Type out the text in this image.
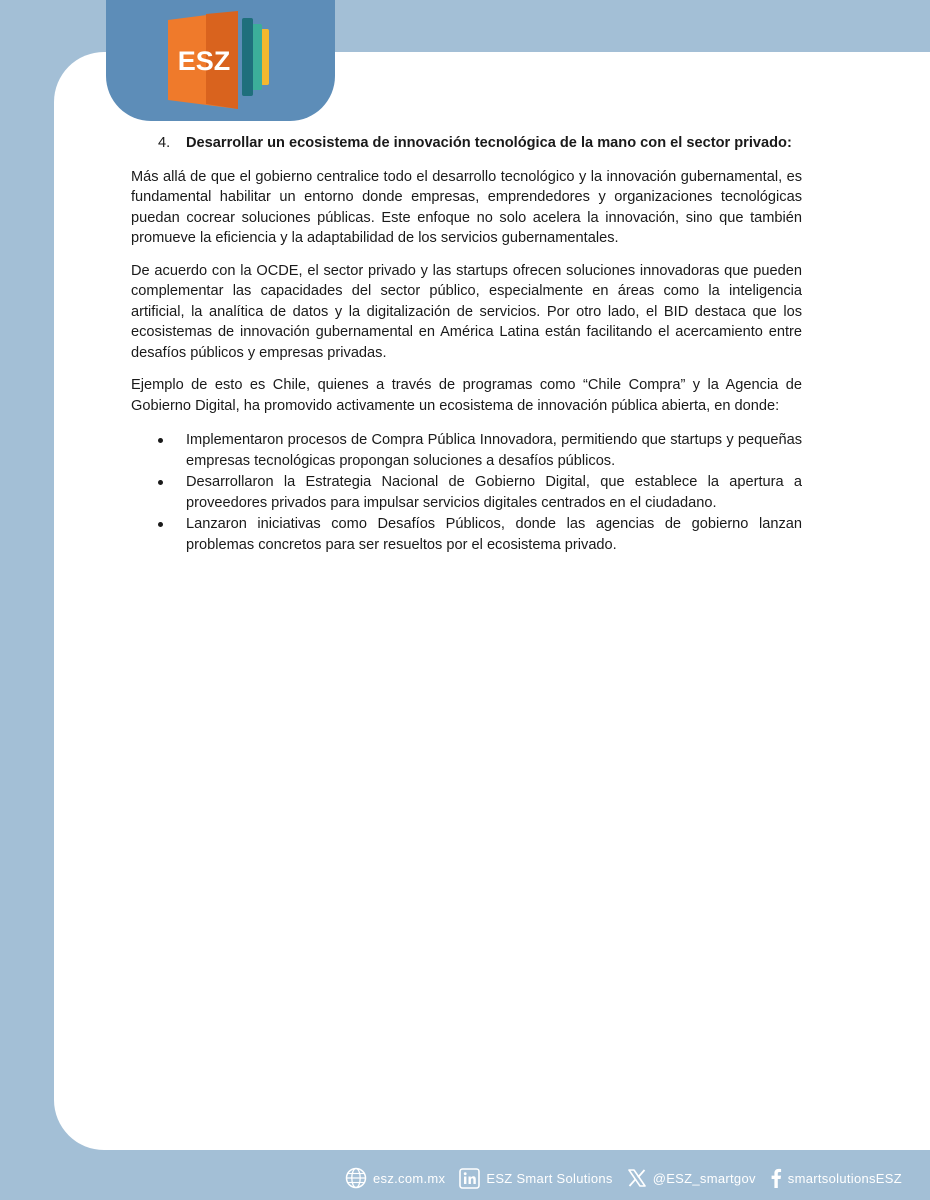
ESZ
4.	Desarrollar un ecosistema de innovación tecnológica de la mano con el sector privado:

Más allá de que el gobierno centralice todo el desarrollo tecnológico y la innovación gubernamental, es fundamental habilitar un entorno donde empresas, emprendedores y organizaciones tecnológicas puedan cocrear soluciones públicas. Este enfoque no solo acelera la innovación, sino que también promueve la eficiencia y la adaptabilidad de los servicios gubernamentales.

De acuerdo con la OCDE, el sector privado y las startups ofrecen soluciones innovadoras que pueden complementar las capacidades del sector público, especialmente en áreas como la inteligencia artificial, la analítica de datos y la digitalización de servicios. Por otro lado, el BID destaca que los ecosistemas de innovación gubernamental en América Latina están facilitando el acercamiento entre desafíos públicos y empresas privadas.

Ejemplo de esto es Chile, quienes a través de programas como “Chile Compra” y la Agencia de Gobierno Digital, ha promovido activamente un ecosistema de innovación pública abierta, en donde:

Implementaron procesos de Compra Pública Innovadora, permitiendo que startups y pequeñas empresas tecnológicas propongan soluciones a desafíos públicos.
Desarrollaron la Estrategia Nacional de Gobierno Digital, que establece la apertura a proveedores privados para impulsar servicios digitales centrados en el ciudadano.
Lanzaron iniciativas como Desafíos Públicos, donde las agencias de gobierno lanzan problemas concretos para ser resueltos por el ecosistema privado.
esz.com.mx	ESZ Smart Solutions	@ESZ_smartgov smartsolutionsESZ
